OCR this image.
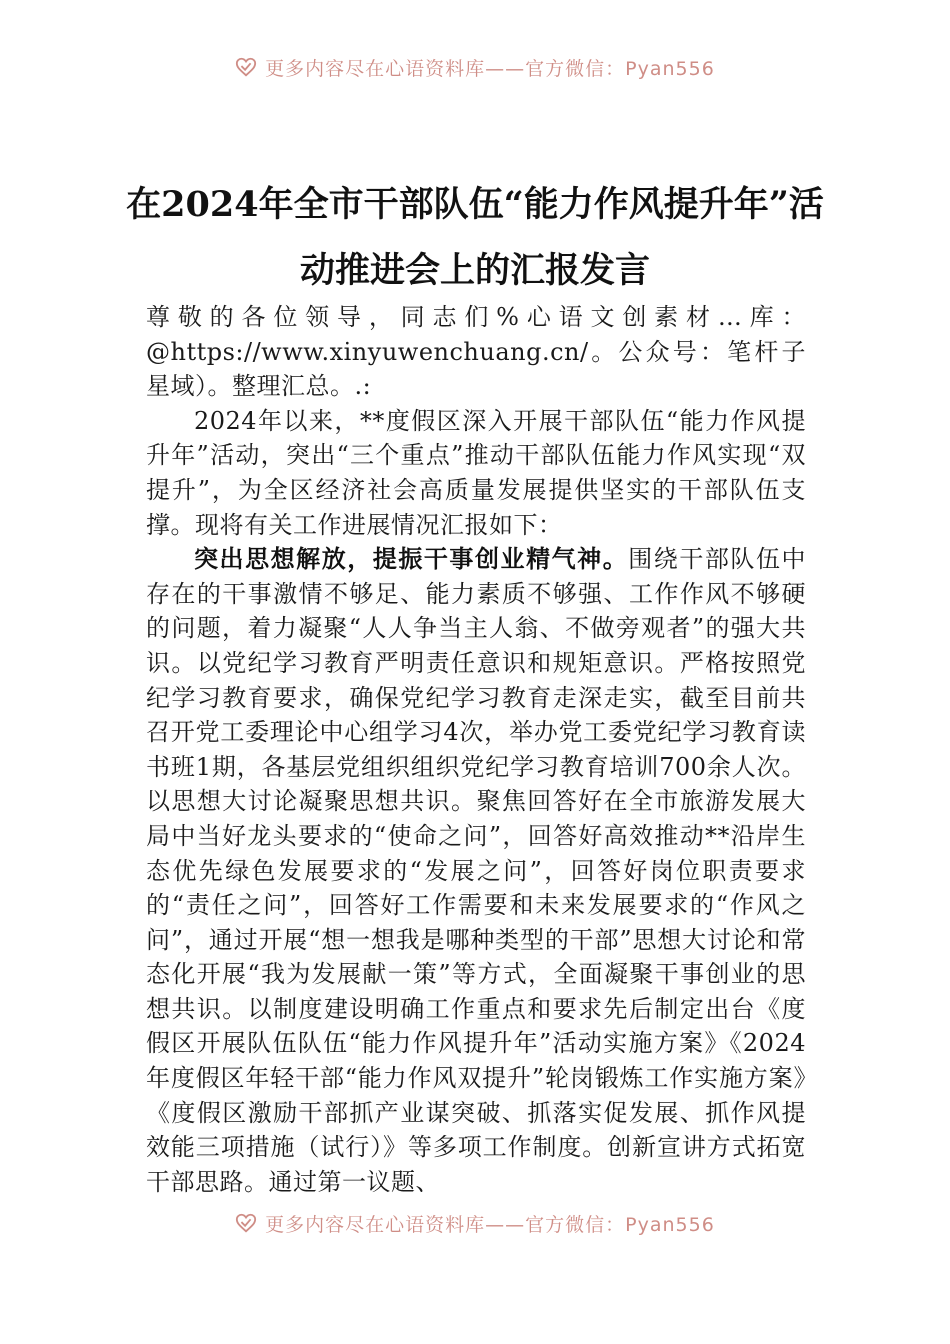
更多内容尽在心语资料库——官方微信：Pyan556
在2024年全市干部队伍“能力作风提升年”活动推进会上的汇报发言

尊敬的各位领导，同志们%心语文创素材…库：@https://www.xinyuwenchuang.cn/。公众号：笔杆子星域）。整理汇总。.:

2024年以来，**度假区深入开展干部队伍“能力作风提升年”活动，突出“三个重点”推动干部队伍能力作风实现“双提升”，为全区经济社会高质量发展提供坚实的干部队伍支撑。现将有关工作进展情况汇报如下：

突出思想解放，提振干事创业精气神。围绕干部队伍中存在的干事激情不够足、能力素质不够强、工作作风不够硬的问题，着力凝聚“人人争当主人翁、不做旁观者”的强大共识。以党纪学习教育严明责任意识和规矩意识。严格按照党纪学习教育要求，确保党纪学习教育走深走实，截至目前共召开党工委理论中心组学习4次，举办党工委党纪学习教育读书班1期，各基层党组织组织党纪学习教育培训700余人次。以思想大讨论凝聚思想共识。聚焦回答好在全市旅游发展大局中当好龙头要求的“使命之问”，回答好高效推动**沿岸生态优先绿色发展要求的“发展之问”，回答好岗位职责要求的“责任之问”，回答好工作需要和未来发展要求的“作风之问”，通过开展“想一想我是哪种类型的干部”思想大讨论和常态化开展“我为发展献一策”等方式，全面凝聚干事创业的思想共识。以制度建设明确工作重点和要求先后制定出台《度假区开展队伍队伍“能力作风提升年”活动实施方案》《2024年度假区年轻干部“能力作风双提升”轮岗锻炼工作实施方案》《度假区激励干部抓产业谋突破、抓落实促发展、抓作风提效能三项措施（试行）》等多项工作制度。创新宣讲方式拓宽干部思路。通过第一议题、

更多内容尽在心语资料库——官方微信：Pyan556
